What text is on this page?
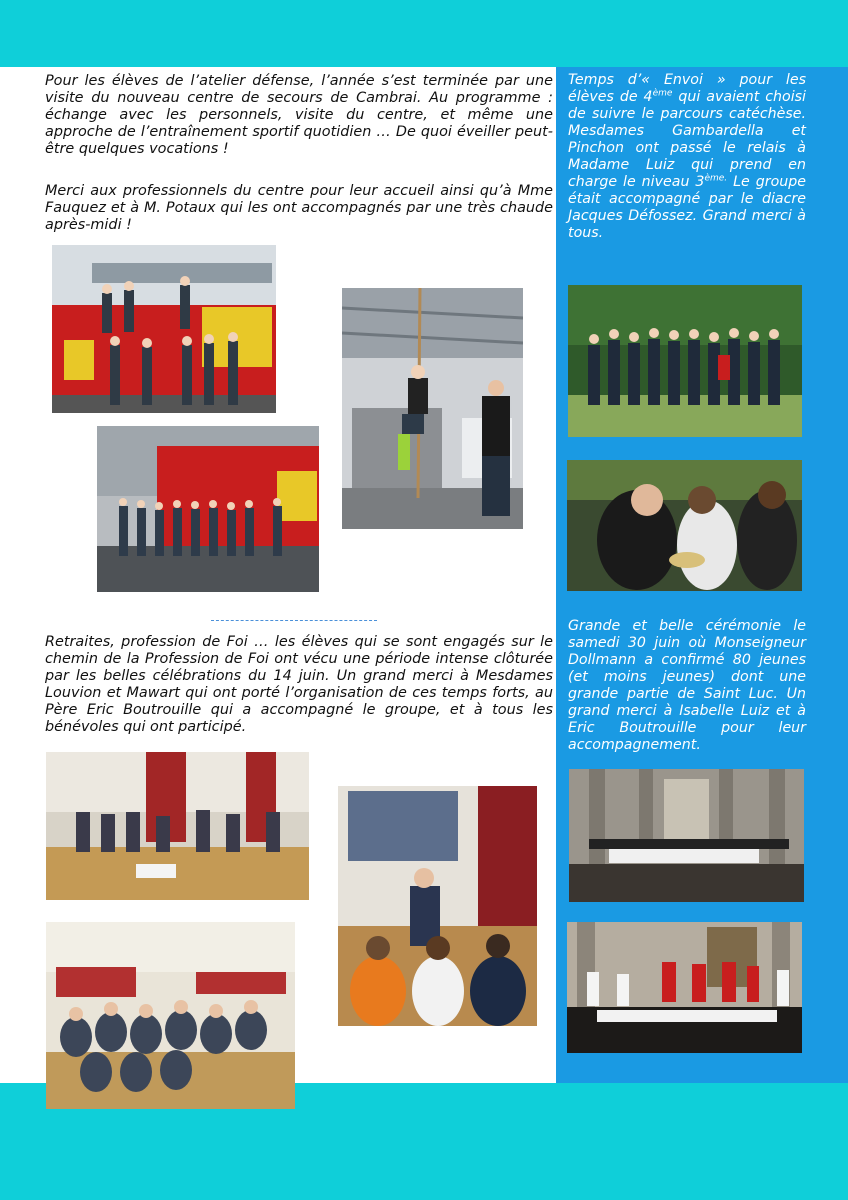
Pour les élèves de l’atelier défense, l’année s’est terminée par une visite du nouveau centre de secours de Cambrai. Au programme : échange avec les personnels, visite du centre, et même une approche de l’entraînement sportif quotidien … De quoi éveiller peut-être quelques vocations !

Merci aux professionnels du centre pour leur accueil ainsi qu’à Mme Fauquez et à M. Potaux qui les ont accompagnés par une très chaude après-midi !

Retraites, profession de Foi … les élèves qui se sont engagés sur le chemin de la Profession de Foi ont vécu une période intense clôturée par les belles célébrations du 14 juin. Un grand merci à Mesdames Louvion et Mawart qui ont porté l’organisation de ces temps forts, au Père Eric Boutrouille qui a accompagné le groupe, et à tous les bénévoles qui ont participé.

Temps d’« Envoi » pour les élèves de 4ème qui avaient choisi de suivre le parcours catéchèse. Mesdames Gambardella et Pinchon ont passé le relais à Madame Luiz qui prend en charge le niveau $3^{ème.}$ Le groupe était accompagné par le diacre Jacques Défossez. Grand merci à tous.

Grande et belle cérémonie le samedi 30 juin où Monseigneur Dollmann a confirmé 80 jeunes (et moins jeunes) dont une grande partie de Saint Luc. Un grand merci à Isabelle Luiz et à Eric Boutrouille pour leur accompagnement.
